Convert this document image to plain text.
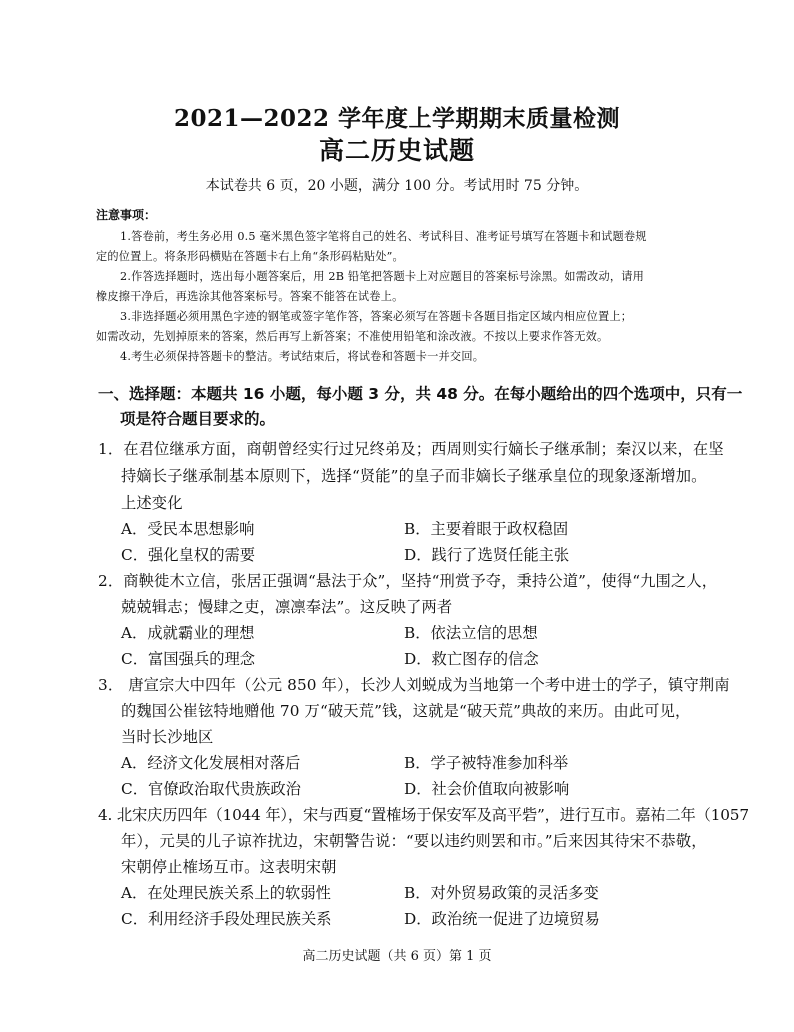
2021—2022 学年度上学期期末质量检测
高二历史试题
本试卷共 6 页，20 小题，满分 100 分。考试用时 75 分钟。
注意事项：
1.答卷前，考生务必用 0.5 毫米黑色签字笔将自己的姓名、考试科目、准考证号填写在答题卡和试题卷规
定的位置上。将条形码横贴在答题卡右上角“条形码粘贴处”。
2.作答选择题时，选出每小题答案后，用 2B 铅笔把答题卡上对应题目的答案标号涂黑。如需改动，请用
橡皮擦干净后，再选涂其他答案标号。答案不能答在试卷上。
3.非选择题必须用黑色字迹的钢笔或签字笔作答，答案必须写在答题卡各题目指定区域内相应位置上；
如需改动，先划掉原来的答案，然后再写上新答案；不准使用铅笔和涂改液。不按以上要求作答无效。
4.考生必须保持答题卡的整洁。考试结束后，将试卷和答题卡一并交回。
一、选择题：本题共 16 小题，每小题 3 分，共 48 分。在每小题给出的四个选项中，只有一
项是符合题目要求的。
1．在君位继承方面，商朝曾经实行过兄终弟及；西周则实行嫡长子继承制；秦汉以来，在坚
持嫡长子继承制基本原则下，选择“贤能”的皇子而非嫡长子继承皇位的现象逐渐增加。
上述变化
A．受民本思想影响	B．主要着眼于政权稳固
C．强化皇权的需要	D．践行了选贤任能主张
2．商鞅徙木立信，张居正强调“悬法于众”，坚持“刑赏予夺，秉持公道”，使得“九围之人，
兢兢辑志；慢肆之吏，凛凛奉法”。这反映了两者
A．成就霸业的理想	B．依法立信的思想
C．富国强兵的理念	D．救亡图存的信念
3． 唐宣宗大中四年（公元 850 年），长沙人刘蜕成为当地第一个考中进士的学子，镇守荆南
的魏国公崔铉特地赠他 70 万“破天荒”钱，这就是“破天荒”典故的来历。由此可见，
当时长沙地区
A．经济文化发展相对落后	B．学子被特准参加科举
C．官僚政治取代贵族政治	D．社会价值取向被影响
4. 北宋庆历四年（1044 年），宋与西夏“置榷场于保安军及高平砦”，进行互市。嘉祐二年（1057
年），元昊的儿子谅祚扰边，宋朝警告说：“要以违约则罢和市。”后来因其待宋不恭敬，
宋朝停止榷场互市。这表明宋朝
A．在处理民族关系上的软弱性	B．对外贸易政策的灵活多变
C．利用经济手段处理民族关系	D．政治统一促进了边境贸易
高二历史试题（共 6 页）第 1 页
